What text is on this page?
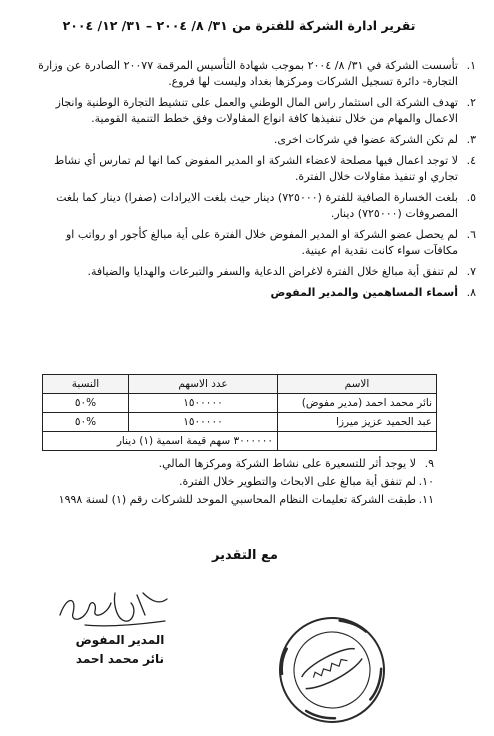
تقرير ادارة الشركة للفترة من ٣١/ ٨/ ٢٠٠٤ – ٣١/ ١٢/ ٢٠٠٤
١.
تأسست الشركة في ٣١/ ٨/ ٢٠٠٤ بموجب شهادة التأسيس المرقمة ٢٠٠٧٧ الصادرة عن وزارة التجارة- دائرة تسجيل الشركات ومركزها بغداد وليست لها فروع.
٢.
تهدف الشركة الى استثمار راس المال الوطني والعمل على تنشيط التجارة الوطنية وانجاز الاعمال والمهام من خلال تنفيذها كافة انواع المقاولات وفق خطط التنمية القومية.
٣.
لم تكن الشركة عضوا في شركات اخرى.
٤.
لا توجد اعمال فيها مصلحة لاعضاء الشركة او المدير المفوض كما انها لم تمارس أي نشاط تجاري او تنفيذ مقاولات خلال الفترة.
٥.
بلغت الخسارة الصافية للفترة (٧٢٥٠٠٠) دينار حيث بلغت الايرادات (صفرا) دينار كما بلغت المصروفات (٧٢٥٠٠٠) دينار.
٦.
لم يحصل عضو الشركة او المدير المفوض خلال الفترة على أية مبالغ كأجور او رواتب او مكافآت سواء كانت نقدية ام عينية.
٧.
لم تنفق أية مبالغ خلال الفترة لاغراض الدعاية والسفر والتبرعات والهدايا والضيافة.
٨.
أسماء المساهمين والمدير المفوض
الاسم	عدد الاسهم	النسبة
نائر محمد احمد (مدير مفوض)	١٥٠٠٠٠٠	%٥٠
عبد الحميد عزيز ميرزا	١٥٠٠٠٠٠	%٥٠
	٣٠٠٠٠٠٠ سهم قيمة اسمية (١) دينار	
٩.
لا يوجد أثر للتسعيرة على نشاط الشركة ومركزها المالي.
١٠.
لم تنفق أية مبالغ على الابحاث والتطوير خلال الفترة.
١١.
طبقت الشركة تعليمات النظام المحاسبي الموحد للشركات رقم (١) لسنة ١٩٩٨
مع التقدير
المدير المفوض
نائر محمد احمد
